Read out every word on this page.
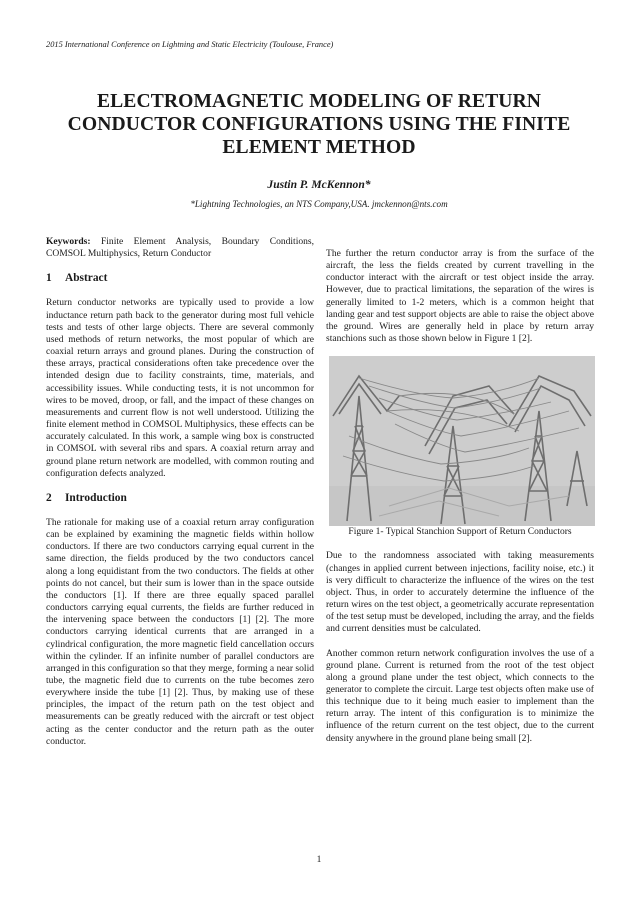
2015 International Conference on Lightning and Static Electricity (Toulouse, France)
ELECTROMAGNETIC MODELING OF RETURN
CONDUCTOR CONFIGURATIONS USING THE FINITE
ELEMENT METHOD
Justin P. McKennon*
*Lightning Technologies, an NTS Company,USA. jmckennon@nts.com

Keywords: Finite Element Analysis, Boundary Conditions, COMSOL Multiphysics, Return Conductor

1 Abstract

Return conductor networks are typically used to provide a low inductance return path back to the generator during most full vehicle tests and tests of other large objects. There are several commonly used methods of return networks, the most popular of which are coaxial return arrays and ground planes. During the construction of these arrays, practical considerations often take precedence over the intended design due to facility constraints, time, materials, and accessibility issues. While conducting tests, it is not uncommon for wires to be moved, droop, or fall, and the impact of these changes on measurements and current flow is not well understood. Utilizing the finite element method in COMSOL Multiphysics, these effects can be accurately calculated. In this work, a sample wing box is constructed in COMSOL with several ribs and spars. A coaxial return array and ground plane return network are modelled, with common routing and configuration defects analyzed.

2 Introduction

The rationale for making use of a coaxial return array configuration can be explained by examining the magnetic fields within hollow conductors. If there are two conductors carrying equal current in the same direction, the fields produced by the two conductors cancel along a long equidistant from the two conductors. The fields at other points do not cancel, but their sum is lower than in the space outside the conductors [1]. If there are three equally spaced parallel conductors carrying equal currents, the fields are further reduced in the intervening space between the conductors [1] [2]. The more conductors carrying identical currents that are arranged in a cylindrical configuration, the more magnetic field cancellation occurs within the cylinder. If an infinite number of parallel conductors are arranged in this configuration so that they merge, forming a near solid tube, the magnetic field due to currents on the tube becomes zero everywhere inside the tube [1] [2]. Thus, by making use of these principles, the impact of the return path on the test object and measurements can be greatly reduced with the aircraft or test object acting as the center conductor and the return path as the outer conductor.

The further the return conductor array is from the surface of the aircraft, the less the fields created by current travelling in the conductor interact with the aircraft or test object inside the array. However, due to practical limitations, the separation of the wires is generally limited to 1-2 meters, which is a common height that landing gear and test support objects are able to raise the object above the ground. Wires are generally held in place by return array stanchions such as those shown below in Figure 1 [2].

Figure 1- Typical Stanchion Support of Return Conductors

Due to the randomness associated with taking measurements (changes in applied current between injections, facility noise, etc.) it is very difficult to characterize the influence of the wires on the test object. Thus, in order to accurately determine the influence of the return wires on the test object, a geometrically accurate representation of the test setup must be developed, including the array, and the fields and current densities must be calculated.

Another common return network configuration involves the use of a ground plane. Current is returned from the root of the test object along a ground plane under the test object, which connects to the generator to complete the circuit. Large test objects often make use of this technique due to it being much easier to implement than the return array. The intent of this configuration is to minimize the influence of the return current on the test object, due to the current density anywhere in the ground plane being small [2].

1
